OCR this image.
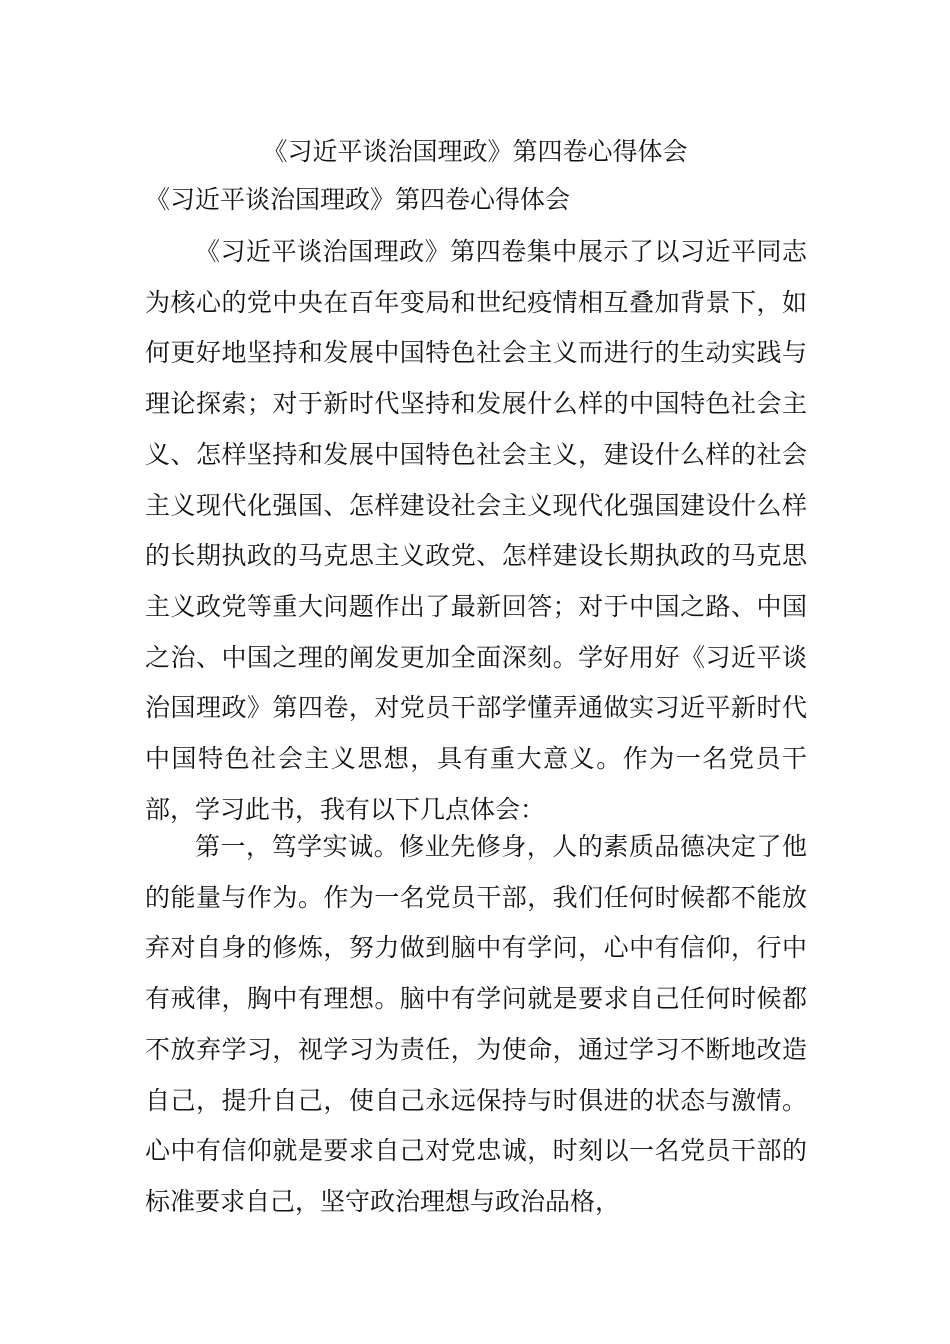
《习近平谈治国理政》第四卷心得体会

《习近平谈治国理政》第四卷心得体会

《习近平谈治国理政》第四卷集中展示了以习近平同志为核心的党中央在百年变局和世纪疫情相互叠加背景下，如何更好地坚持和发展中国特色社会主义而进行的生动实践与理论探索；对于新时代坚持和发展什么样的中国特色社会主义、怎样坚持和发展中国特色社会主义，建设什么样的社会主义现代化强国、怎样建设社会主义现代化强国建设什么样的长期执政的马克思主义政党、怎样建设长期执政的马克思主义政党等重大问题作出了最新回答；对于中国之路、中国之治、中国之理的阐发更加全面深刻。学好用好《习近平谈治国理政》第四卷，对党员干部学懂弄通做实习近平新时代中国特色社会主义思想，具有重大意义。作为一名党员干部，学习此书，我有以下几点体会：

第一，笃学实诚。修业先修身，人的素质品德决定了他的能量与作为。作为一名党员干部，我们任何时候都不能放弃对自身的修炼，努力做到脑中有学问，心中有信仰，行中有戒律，胸中有理想。脑中有学问就是要求自己任何时候都不放弃学习，视学习为责任，为使命，通过学习不断地改造自己，提升自己，使自己永远保持与时俱进的状态与激情。心中有信仰就是要求自己对党忠诚，时刻以一名党员干部的标准要求自己，坚守政治理想与政治品格，
